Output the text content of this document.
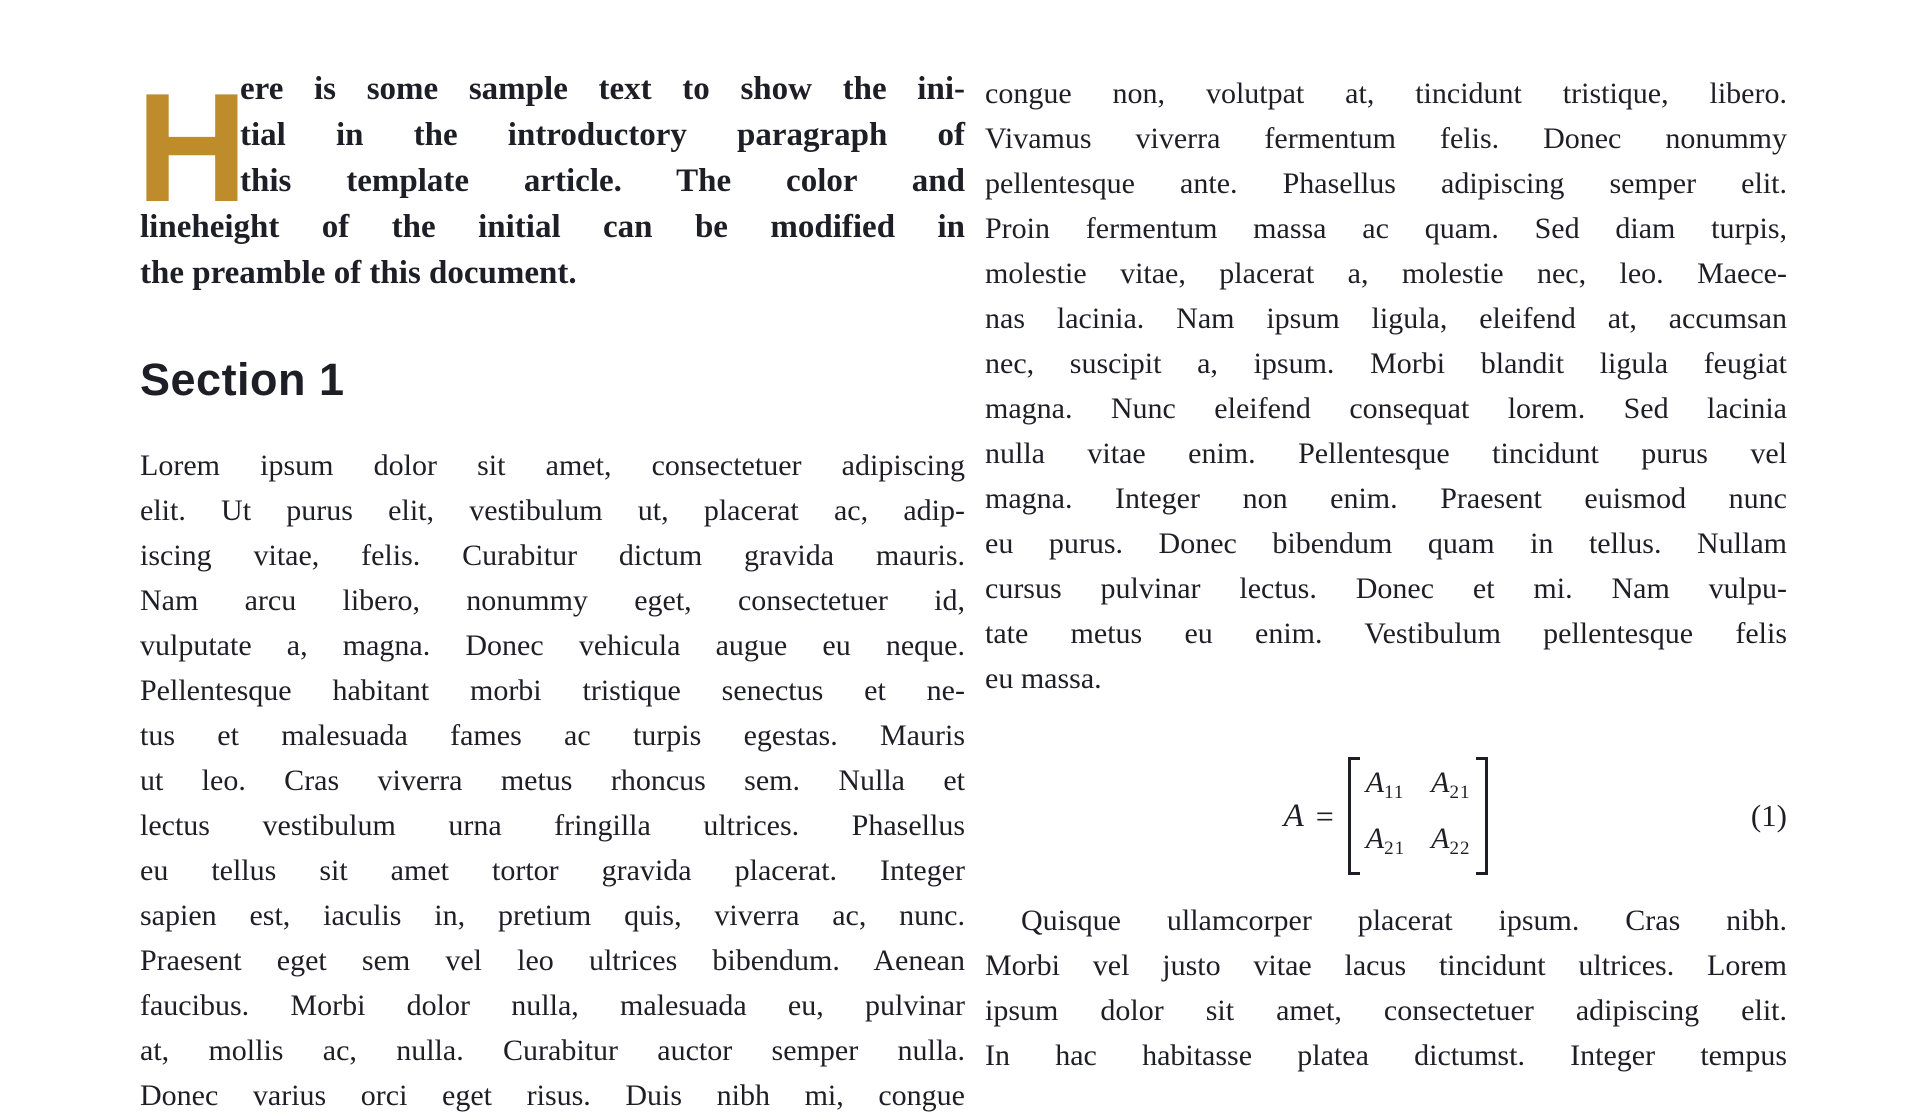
H
ere is some sample text to show the ini-
tial in the introductory paragraph of
this template article. The color and
lineheight of the initial can be modified in
the preamble of this document.
Section 1
Lorem ipsum dolor sit amet, consectetuer adipiscing
elit. Ut purus elit, vestibulum ut, placerat ac, adip-
iscing vitae, felis. Curabitur dictum gravida mauris.
Nam arcu libero, nonummy eget, consectetuer id,
vulputate a, magna. Donec vehicula augue eu neque.
Pellentesque habitant morbi tristique senectus et ne-
tus et malesuada fames ac turpis egestas. Mauris
ut leo. Cras viverra metus rhoncus sem. Nulla et
lectus vestibulum urna fringilla ultrices. Phasellus
eu tellus sit amet tortor gravida placerat. Integer
sapien est, iaculis in, pretium quis, viverra ac, nunc.
Praesent eget sem vel leo ultrices bibendum. Aenean
faucibus. Morbi dolor nulla, malesuada eu, pulvinar
at, mollis ac, nulla. Curabitur auctor semper nulla.
Donec varius orci eget risus. Duis nibh mi, congue
congue non, volutpat at, tincidunt tristique, libero.
Vivamus viverra fermentum felis. Donec nonummy
pellentesque ante. Phasellus adipiscing semper elit.
Proin fermentum massa ac quam. Sed diam turpis,
molestie vitae, placerat a, molestie nec, leo. Maece-
nas lacinia. Nam ipsum ligula, eleifend at, accumsan
nec, suscipit a, ipsum. Morbi blandit ligula feugiat
magna. Nunc eleifend consequat lorem. Sed lacinia
nulla vitae enim. Pellentesque tincidunt purus vel
magna. Integer non enim. Praesent euismod nunc
eu purus. Donec bibendum quam in tellus. Nullam
cursus pulvinar lectus. Donec et mi. Nam vulpu-
tate metus eu enim. Vestibulum pellentesque felis
eu massa.
A =
$A_{11}$ $A_{21}$
$A_{21}$ $A_{22}$
(1)
Quisque ullamcorper placerat ipsum. Cras nibh.
Morbi vel justo vitae lacus tincidunt ultrices. Lorem
ipsum dolor sit amet, consectetuer adipiscing elit.
In hac habitasse platea dictumst. Integer tempus
